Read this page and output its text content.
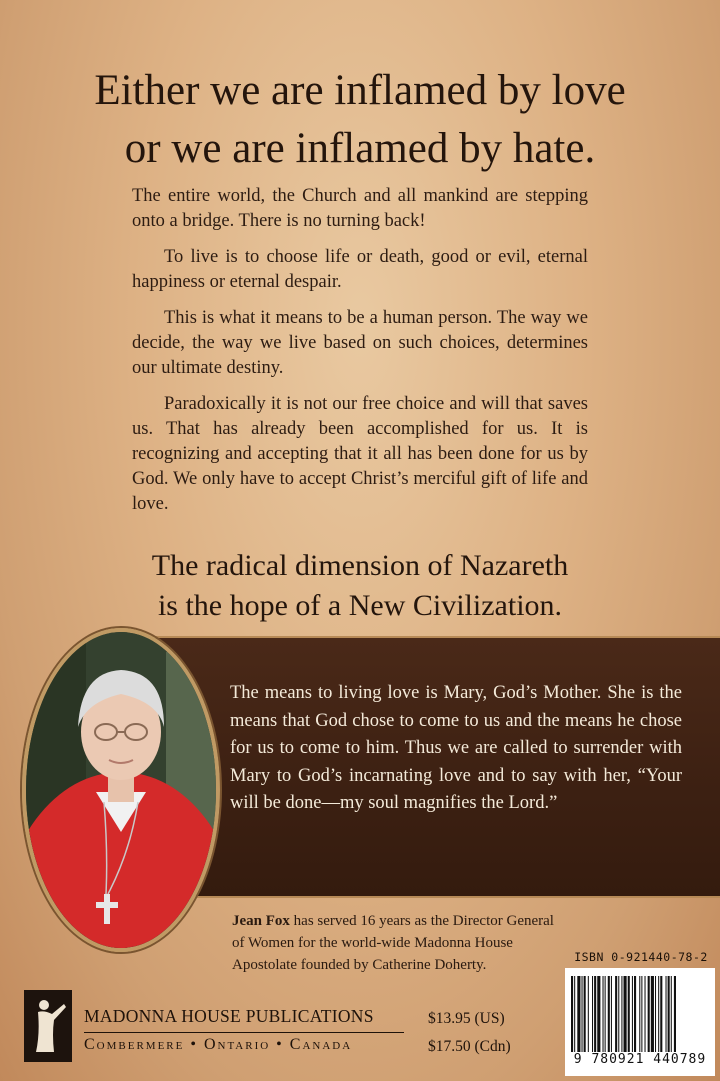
Either we are inflamed by love
or we are inflamed by hate.

The entire world, the Church and all mankind are stepping onto a bridge. There is no turning back!

To live is to choose life or death, good or evil, eternal happiness or eternal despair.

This is what it means to be a human person. The way we decide, the way we live based on such choices, determines our ultimate destiny.

Paradoxically it is not our free choice and will that saves us. That has already been accomplished for us. It is recognizing and accepting that it all has been done for us by God. We only have to accept Christ’s merciful gift of life and love.

The radical dimension of Nazareth
is the hope of a New Civilization.

The means to living love is Mary, God’s Mother. She is the means that God chose to come to us and the means he chose for us to come to him. Thus we are called to surrender with Mary to God’s incarnating love and to say with her, “Your will be done—my soul magnifies the Lord.”

Jean Fox has served 16 years as the Director General of Women for the world-wide Madonna House Apostolate founded by Catherine Doherty.

MADONNA HOUSE PUBLICATIONS
Combermere • Ontario • Canada
$13.95 (US)
$17.50 (Cdn)
ISBN 0-921440-78-2
9 780921 440789
